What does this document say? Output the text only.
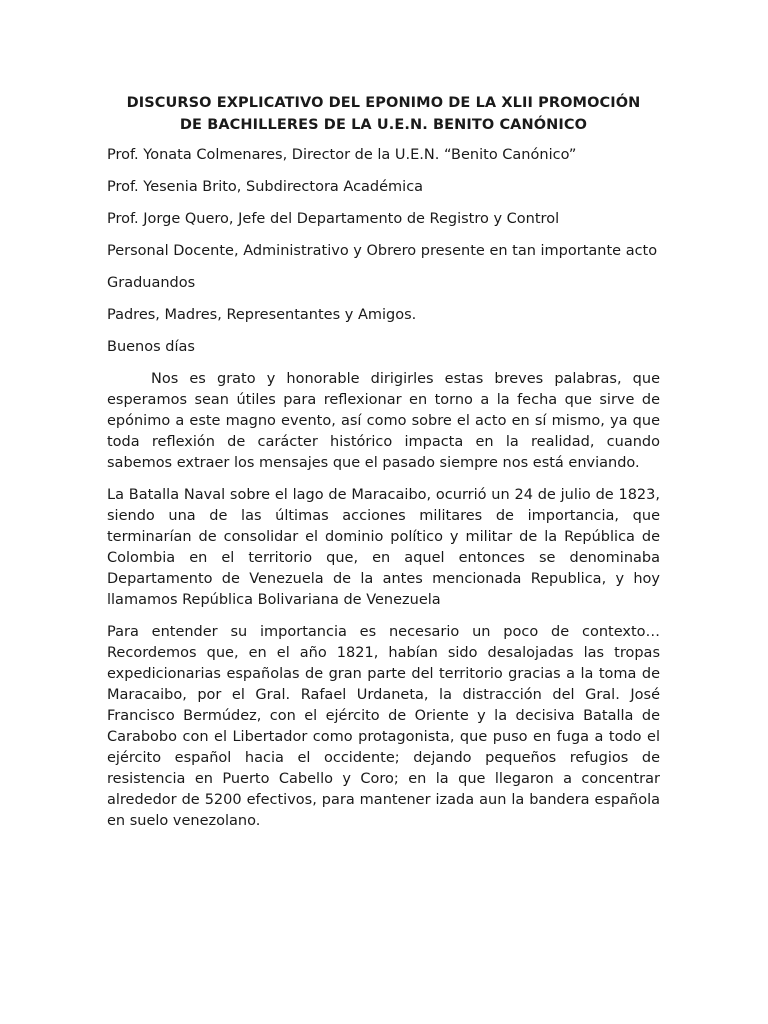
DISCURSO EXPLICATIVO DEL EPONIMO DE LA XLII PROMOCIÓN
DE BACHILLERES DE LA U.E.N. BENITO CANÓNICO
Prof. Yonata Colmenares, Director de la U.E.N. “Benito Canónico”
Prof. Yesenia Brito, Subdirectora Académica
Prof. Jorge Quero, Jefe del Departamento de Registro y Control
Personal Docente, Administrativo y Obrero presente en tan importante acto
Graduandos
Padres, Madres, Representantes y Amigos.
Buenos días
Nos es grato y honorable dirigirles estas breves palabras, que esperamos sean útiles para reflexionar en torno a la fecha que sirve de epónimo a este magno evento, así como sobre el acto en sí mismo, ya que toda reflexión de carácter histórico impacta en la realidad, cuando sabemos extraer los mensajes que el pasado siempre nos está enviando.
La Batalla Naval sobre el lago de Maracaibo, ocurrió un 24 de julio de 1823, siendo una de las últimas acciones militares de importancia, que terminarían de consolidar el dominio político y militar de la República de Colombia en el territorio que, en aquel entonces se denominaba Departamento de Venezuela de la antes mencionada Republica, y hoy llamamos República Bolivariana de Venezuela
Para entender su importancia es necesario un poco de contexto… Recordemos que, en el año 1821, habían sido desalojadas las tropas expedicionarias españolas de gran parte del territorio gracias a la toma de Maracaibo, por el Gral. Rafael Urdaneta, la distracción del Gral. José Francisco Bermúdez, con el ejército de Oriente y la decisiva Batalla de Carabobo con el Libertador como protagonista, que puso en fuga a todo el ejército español hacia el occidente; dejando pequeños refugios de resistencia en Puerto Cabello y Coro; en la que llegaron a concentrar alrededor de 5200 efectivos, para mantener izada aun la bandera española en suelo venezolano.
